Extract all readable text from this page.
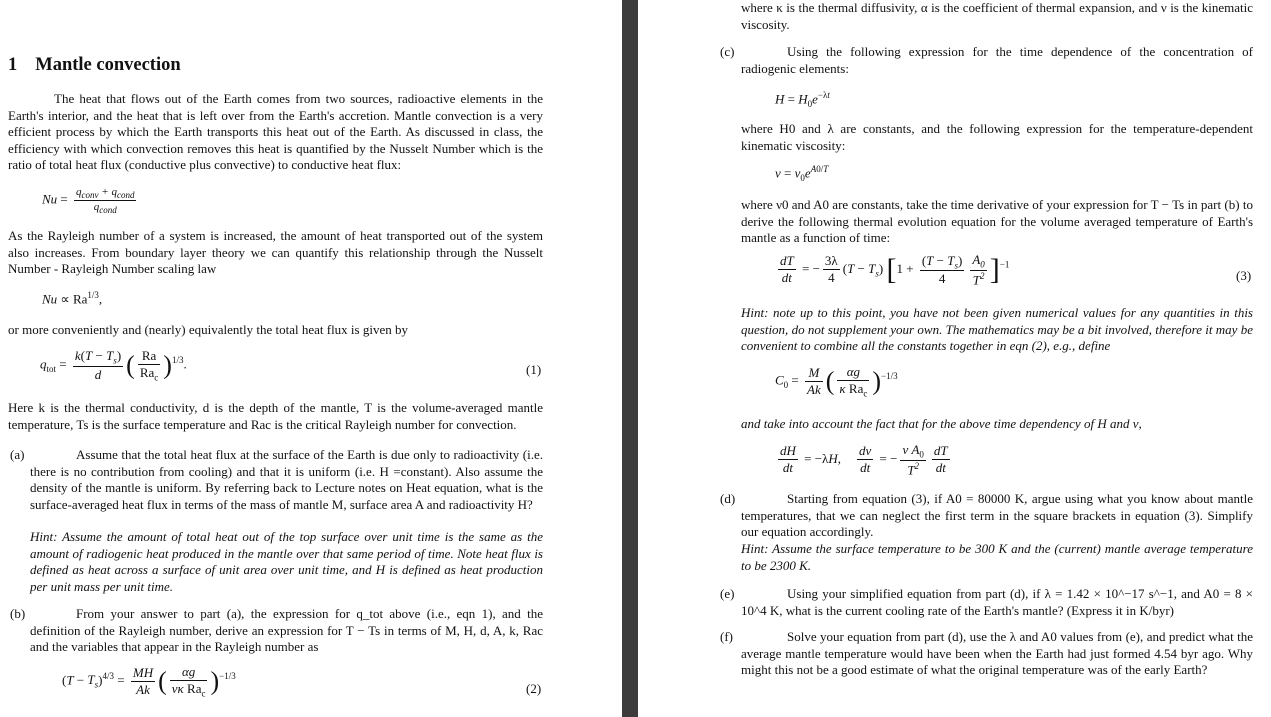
1 Mantle convection
The heat that flows out of the Earth comes from two sources, radioactive elements in the Earth's interior, and the heat that is left over from the Earth's accretion. Mantle convection is a very efficient process by which the Earth transports this heat out of the Earth. As discussed in class, the efficiency with which convection removes this heat is quantified by the Nusselt Number which is the ratio of total heat flux (conductive plus convective) to conductive heat flux:
$Nu = \frac{q_{conv} + q_{cond}}{q_{cond}}$
As the Rayleigh number of a system is increased, the amount of heat transported out of the system also increases. From boundary layer theory we can quantify this relationship through the Nusselt Number - Rayleigh Number scaling law
$Nu \propto Ra^{1/3}$,
or more conveniently and (nearly) equivalently the total heat flux is given by
$q_{tot} = \frac{k(T - T_s)}{d}$ ( $\frac{Ra}{Ra_c} )^{1/3}$.	(1)
Here k is the thermal conductivity, d is the depth of the mantle, T is the volume-averaged mantle temperature, Ts is the surface temperature and Rac is the critical Rayleigh number for convection.
(a)	Assume that the total heat flux at the surface of the Earth is due only to radioactivity (i.e. there is no contribution from cooling) and that it is uniform (i.e. H =constant). Also assume the density of the mantle is uniform. By referring back to Lecture notes on Heat equation, what is the surface-averaged heat flux in terms of the mass of mantle M, surface area A and radioactivity H?
Hint: Assume the amount of total heat out of the top surface over unit time is the same as the amount of radiogenic heat produced in the mantle over that same period of time. Note heat flux is defined as heat across a surface of unit area over unit time, and H is defined as heat production per unit mass per unit time.
(b)	From your answer to part (a), the expression for q_tot above (i.e., eqn 1), and the definition of the Rayleigh number, derive an expression for T − Ts in terms of M, H, d, A, k, Rac and the variables that appear in the Rayleigh number as
$(T - T_s)^{4/3} = \frac{MH}{Ak}$ ( $\frac{\alpha g}{\nu\kappa Ra_c} )^{-1/3}$
(2)
where κ is the thermal diffusivity, α is the coefficient of thermal expansion, and ν is the kinematic viscosity.
(c)	Using the following expression for the time dependence of the concentration of radiogenic elements:
$H = H_0e^{-\lambda t}$
where H0 and λ are constants, and the following expression for the temperature-dependent kinematic viscosity:
$\nu = \nu_0e^{A0/T}$
where ν0 and A0 are constants, take the time derivative of your expression for T − Ts in part (b) to derive the following thermal evolution equation for the volume averaged temperature of Earth's mantle as a function of time:
$\frac{dT}{dt}$ = − $\frac{3\lambda}{4} (T - T_s) [1 + \frac{(T - T_s)}{4} \frac{A_0}{T^2} ]^{-1}$
(3)
Hint: note up to this point, you have not been given numerical values for any quantities in this question, do not supplement your own. The mathematics may be a bit involved, therefore it may be convenient to combine all the constants together in eqn (2), e.g., define
$C_0 = \frac{M}{Ak}$ ( $\frac{\alpha g}{\kappa Ra_c} )^{-1/3}$
and take into account the fact that for the above time dependency of H and ν,
$\frac{dH}{dt} = -\lambda H$, $\frac{d\nu}{dt}$ = − $\frac{\nu A_0}{T^2} \frac{dT}{dt}$
(d)	Starting from equation (3), if A0 = 80000 K, argue using what you know about mantle temperatures, that we can neglect the first term in the square brackets in equation (3). Simplify our equation accordingly.
Hint: Assume the surface temperature to be 300 K and the (current) mantle average temperature to be 2300 K.
(e)	Using your simplified equation from part (d), if λ = 1.42 × 10^−17 s^−1, and A0 = 8 × 10^4 K, what is the current cooling rate of the Earth's mantle? (Express it in K/byr)
(f)	Solve your equation from part (d), use the λ and A0 values from (e), and predict what the average mantle temperature would have been when the Earth had just formed 4.54 byr ago. Why might this not be a good estimate of what the original temperature was of the early Earth?
